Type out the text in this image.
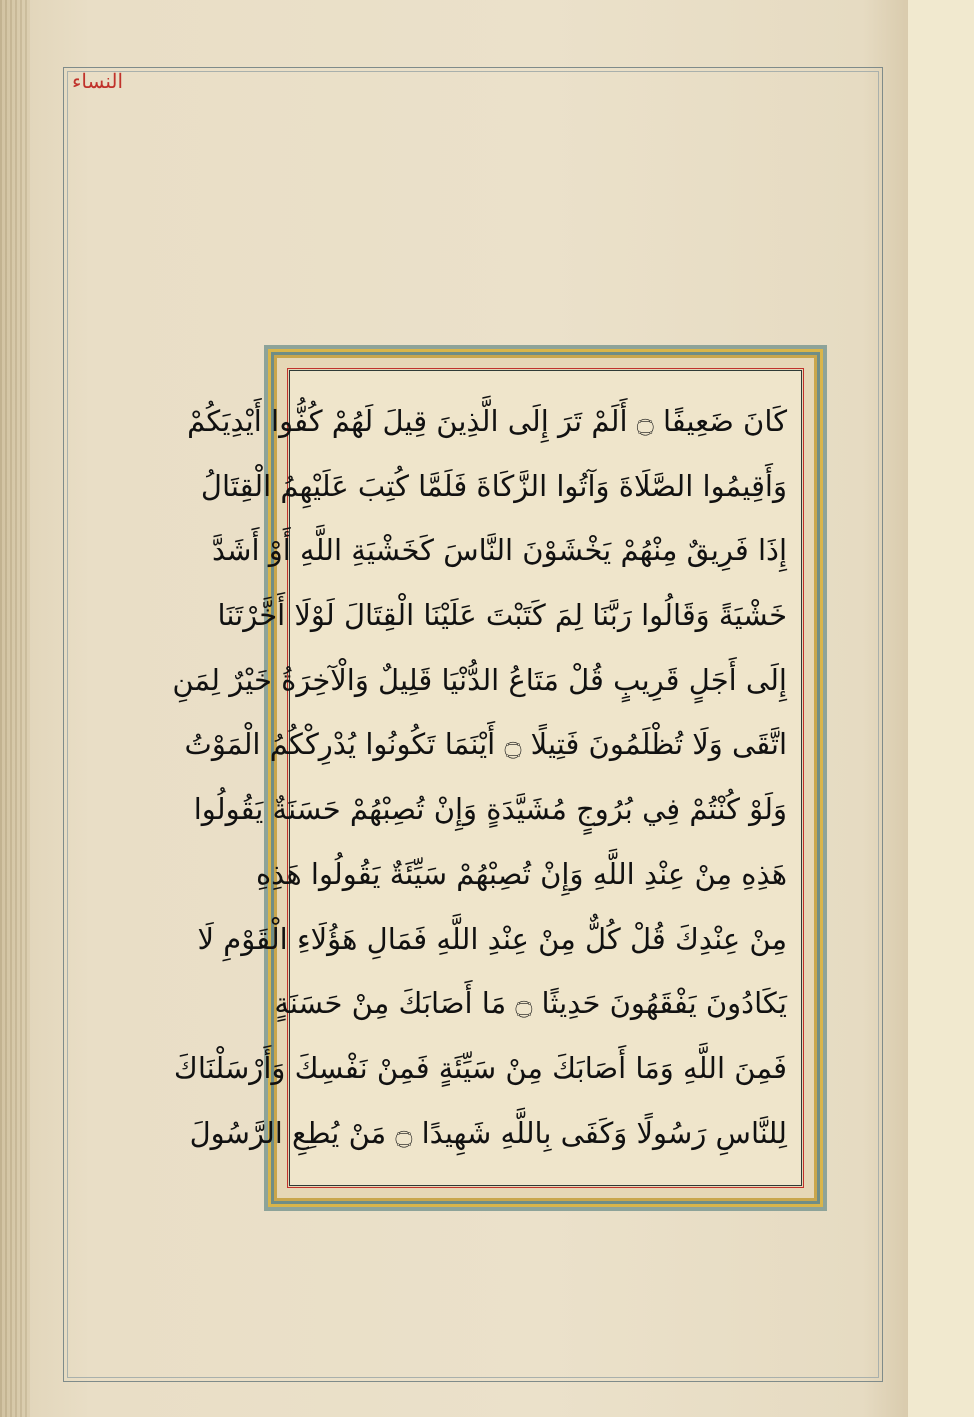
النساء
كَانَ ضَعِيفًا ۝ أَلَمْ تَرَ إِلَى الَّذِينَ قِيلَ لَهُمْ كُفُّوا أَيْدِيَكُمْ
وَأَقِيمُوا الصَّلَاةَ وَآتُوا الزَّكَاةَ فَلَمَّا كُتِبَ عَلَيْهِمُ الْقِتَالُ
إِذَا فَرِيقٌ مِنْهُمْ يَخْشَوْنَ النَّاسَ كَخَشْيَةِ اللَّهِ أَوْ أَشَدَّ
خَشْيَةً وَقَالُوا رَبَّنَا لِمَ كَتَبْتَ عَلَيْنَا الْقِتَالَ لَوْلَا أَخَّرْتَنَا
إِلَى أَجَلٍ قَرِيبٍ قُلْ مَتَاعُ الدُّنْيَا قَلِيلٌ وَالْآخِرَةُ خَيْرٌ لِمَنِ
اتَّقَى وَلَا تُظْلَمُونَ فَتِيلًا ۝ أَيْنَمَا تَكُونُوا يُدْرِكْكُمُ الْمَوْتُ
وَلَوْ كُنْتُمْ فِي بُرُوجٍ مُشَيَّدَةٍ وَإِنْ تُصِبْهُمْ حَسَنَةٌ يَقُولُوا
هَذِهِ مِنْ عِنْدِ اللَّهِ وَإِنْ تُصِبْهُمْ سَيِّئَةٌ يَقُولُوا هَذِهِ
مِنْ عِنْدِكَ قُلْ كُلٌّ مِنْ عِنْدِ اللَّهِ فَمَالِ هَؤُلَاءِ الْقَوْمِ لَا
يَكَادُونَ يَفْقَهُونَ حَدِيثًا ۝ مَا أَصَابَكَ مِنْ حَسَنَةٍ
فَمِنَ اللَّهِ وَمَا أَصَابَكَ مِنْ سَيِّئَةٍ فَمِنْ نَفْسِكَ وَأَرْسَلْنَاكَ
لِلنَّاسِ رَسُولًا وَكَفَى بِاللَّهِ شَهِيدًا ۝ مَنْ يُطِعِ الرَّسُولَ
